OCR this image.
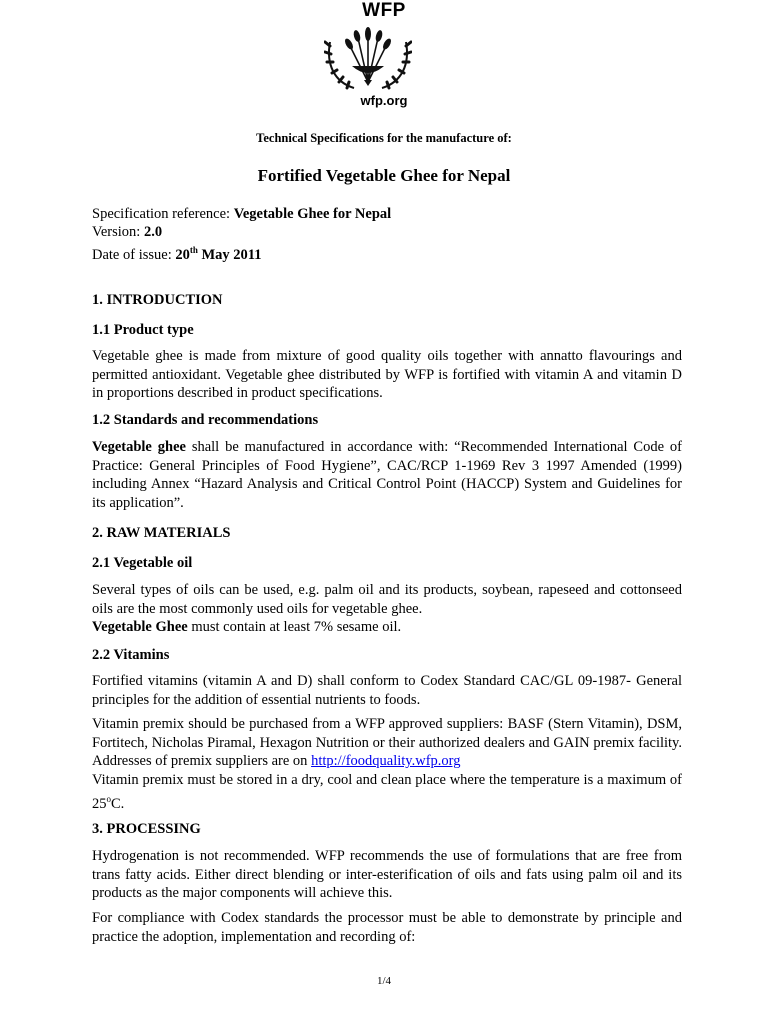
WFP
wfp.org
Technical Specifications for the manufacture of:
Fortified Vegetable Ghee for Nepal
Specification reference: Vegetable Ghee for Nepal
Version: 2.0
Date of issue: 20th May 2011
1. INTRODUCTION
1.1 Product type
Vegetable ghee is made from mixture of good quality oils together with annatto flavourings and permitted antioxidant. Vegetable ghee distributed by WFP is fortified with vitamin A and vitamin D in proportions described in product specifications.
1.2 Standards and recommendations
Vegetable ghee shall be manufactured in accordance with: “Recommended International Code of Practice: General Principles of Food Hygiene”, CAC/RCP 1-1969 Rev 3 1997 Amended (1999) including Annex “Hazard Analysis and Critical Control Point (HACCP) System and Guidelines for its application”.
2. RAW MATERIALS
2.1 Vegetable oil
Several types of oils can be used, e.g. palm oil and its products, soybean, rapeseed and cottonseed oils are the most commonly used oils for vegetable ghee.
Vegetable Ghee must contain at least 7% sesame oil.
2.2 Vitamins
Fortified vitamins (vitamin A and D) shall conform to Codex Standard CAC/GL 09-1987- General principles for the addition of essential nutrients to foods.
Vitamin premix should be purchased from a WFP approved suppliers: BASF (Stern Vitamin), DSM, Fortitech, Nicholas Piramal, Hexagon Nutrition or their authorized dealers and GAIN premix facility. Addresses of premix suppliers are on http://foodquality.wfp.org
Vitamin premix must be stored in a dry, cool and clean place where the temperature is a maximum of 25$^o$C.
3. PROCESSING
Hydrogenation is not recommended. WFP recommends the use of formulations that are free from trans fatty acids. Either direct blending or inter-esterification of oils and fats using palm oil and its products as the major components will achieve this.
For compliance with Codex standards the processor must be able to demonstrate by principle and practice the adoption, implementation and recording of:
1/4
